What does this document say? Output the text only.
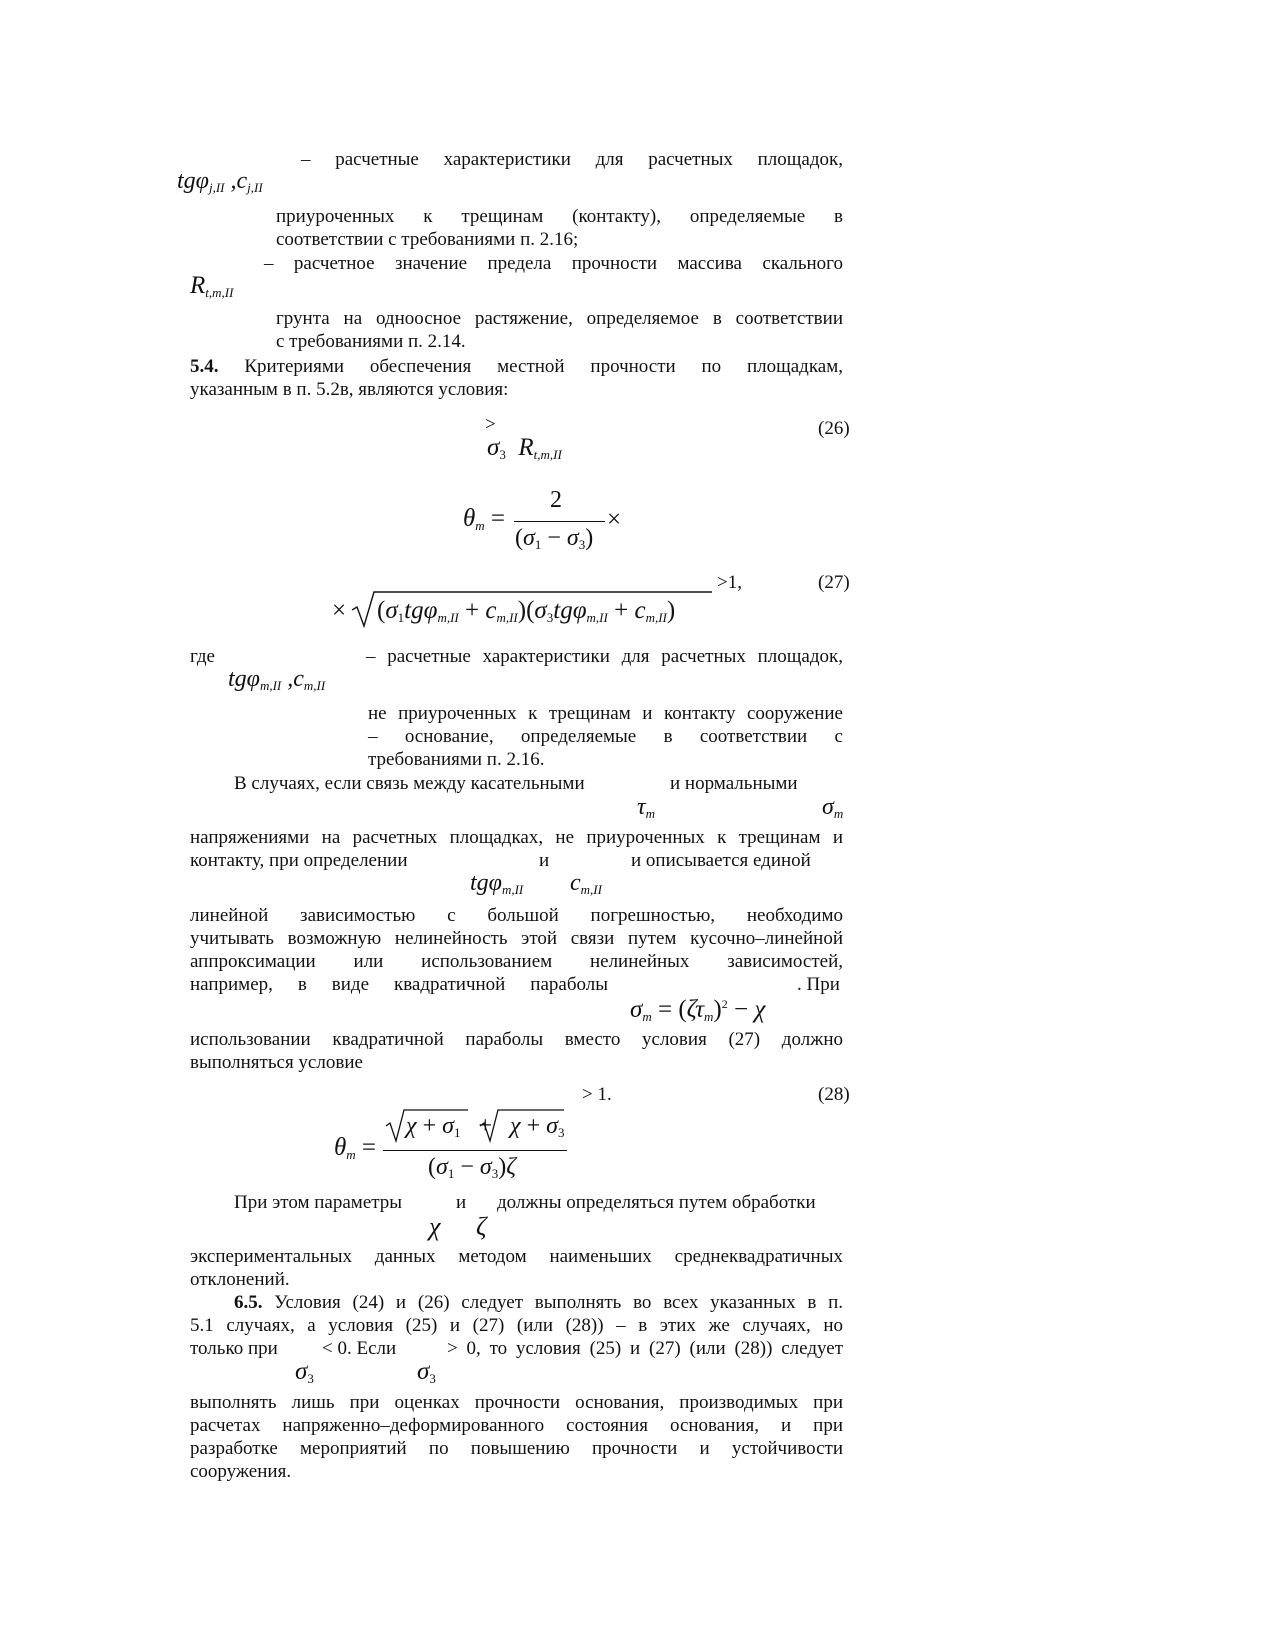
tgφ$_{j,II}$ $,c_{j,II}$
– расчетные характеристики для расчетных площадок,
приуроченных к трещинам (контакту), определяемые в
соответствии с требованиями п. 2.16;
$R_{t,m,II}$
– расчетное значение предела прочности массива скального
грунта на одноосное растяжение, определяемое в соответствии
с требованиями п. 2.14.
5.4. Критериями обеспечения местной прочности по площадкам,
указанным в п. 5.2в, являются условия:
>
$\sigma_3$  $R_{t,m,II}$
(26)
$\theta_m$ =
2
$(\sigma_1 - \sigma_3)$
×
× $(\sigma_1tg\varphi_{m,II} + c_{m,II})(\sigma_3tg\varphi_{m,II} + c_{m,II})$
>1,	(27)
где
tgφ$_{m,II}$ $,c_{m,II}$
– расчетные характеристики для расчетных площадок,
не приуроченных к трещинам и контакту сооружение
– основание, определяемые в соответствии с
требованиями п. 2.16.
В случаях, если связь между касательными	и нормальными
$\tau_m$	$\sigma_m$
напряжениями на расчетных площадках, не приуроченных к трещинам и
контакту, при определении	и	и описывается единой
tgφ$_{m,II}$ $c_{m,II}$
линейной зависимостью с большой погрешностью, необходимо
учитывать возможную нелинейность этой связи путем кусочно–линейной
аппроксимации или использованием нелинейных зависимостей,
например, в виде квадратичной параболы	. При
$\sigma_m = (\zeta\tau_m)^2 - \chi$
использовании квадратичной параболы вместо условия (27) должно
выполняться условие
$\theta_m$ =
$\chi + \sigma_1 + \chi + \sigma_3$
$(\sigma_1 - \sigma_3)\zeta$
> 1.	(28)
При этом параметры	и должны определяться путем обработки
χ ζ
экспериментальных данных методом наименьших среднеквадратичных
отклонений.
6.5. Условия (24) и (26) следует выполнять во всех указанных в п.
5.1 случаях, а условия (25) и (27) (или (28)) – в этих же случаях, но
только при < 0. Если	> 0, то условия (25) и (27) (или (28)) следует
$\sigma_3$	$\sigma_3$
выполнять лишь при оценках прочности основания, производимых при
расчетах напряженно–деформированного состояния основания, и при
разработке мероприятий по повышению прочности и устойчивости
сооружения.
